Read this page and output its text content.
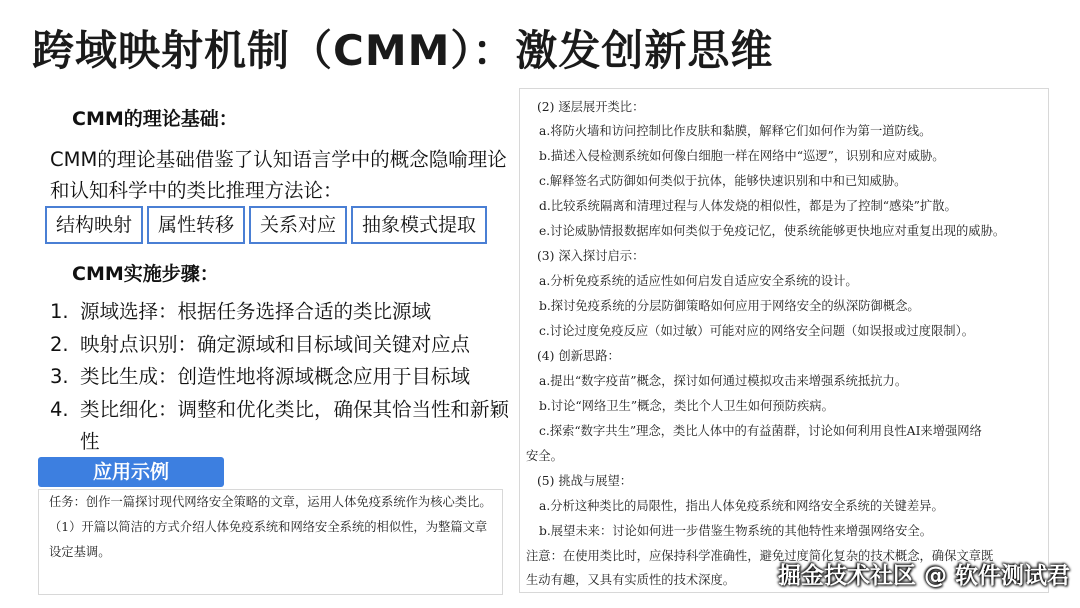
跨域映射机制（CMM）：激发创新思维
CMM的理论基础：
CMM的理论基础借鉴了认知语言学中的概念隐喻理论和认知科学中的类比推理方法论：
结构映射	属性转移	关系对应	抽象模式提取
CMM实施步骤：
1. 源域选择：根据任务选择合适的类比源域
2. 映射点识别：确定源域和目标域间关键对应点
3. 类比生成：创造性地将源域概念应用于目标域
4. 类比细化：调整和优化类比，确保其恰当性和新颖性
应用示例

任务：创作一篇探讨现代网络安全策略的文章，运用人体免疫系统作为核心类比。

（1）开篇以简洁的方式介绍人体免疫系统和网络安全系统的相似性，为整篇文章设定基调。

(2) 逐层展开类比：
a.将防火墙和访问控制比作皮肤和黏膜，解释它们如何作为第一道防线。
b.描述入侵检测系统如何像白细胞一样在网络中“巡逻”，识别和应对威胁。
c.解释签名式防御如何类似于抗体，能够快速识别和中和已知威胁。
d.比较系统隔离和清理过程与人体发烧的相似性，都是为了控制“感染”扩散。
e.讨论威胁情报数据库如何类似于免疫记忆，使系统能够更快地应对重复出现的威胁。
(3) 深入探讨启示：
a.分析免疫系统的适应性如何启发自适应安全系统的设计。
b.探讨免疫系统的分层防御策略如何应用于网络安全的纵深防御概念。
c.讨论过度免疫反应（如过敏）可能对应的网络安全问题（如误报或过度限制）。
(4) 创新思路：
a.提出“数字疫苗”概念，探讨如何通过模拟攻击来增强系统抵抗力。
b.讨论“网络卫生”概念，类比个人卫生如何预防疾病。
c.探索“数字共生”理念，类比人体中的有益菌群，讨论如何利用良性AI来增强网络
安全。
(5) 挑战与展望：
a.分析这种类比的局限性，指出人体免疫系统和网络安全系统的关键差异。
b.展望未来：讨论如何进一步借鉴生物系统的其他特性来增强网络安全。
注意：在使用类比时，应保持科学准确性，避免过度简化复杂的技术概念，确保文章既
生动有趣，又具有实质性的技术深度。 掘金技术社区 @ 软件测试君
